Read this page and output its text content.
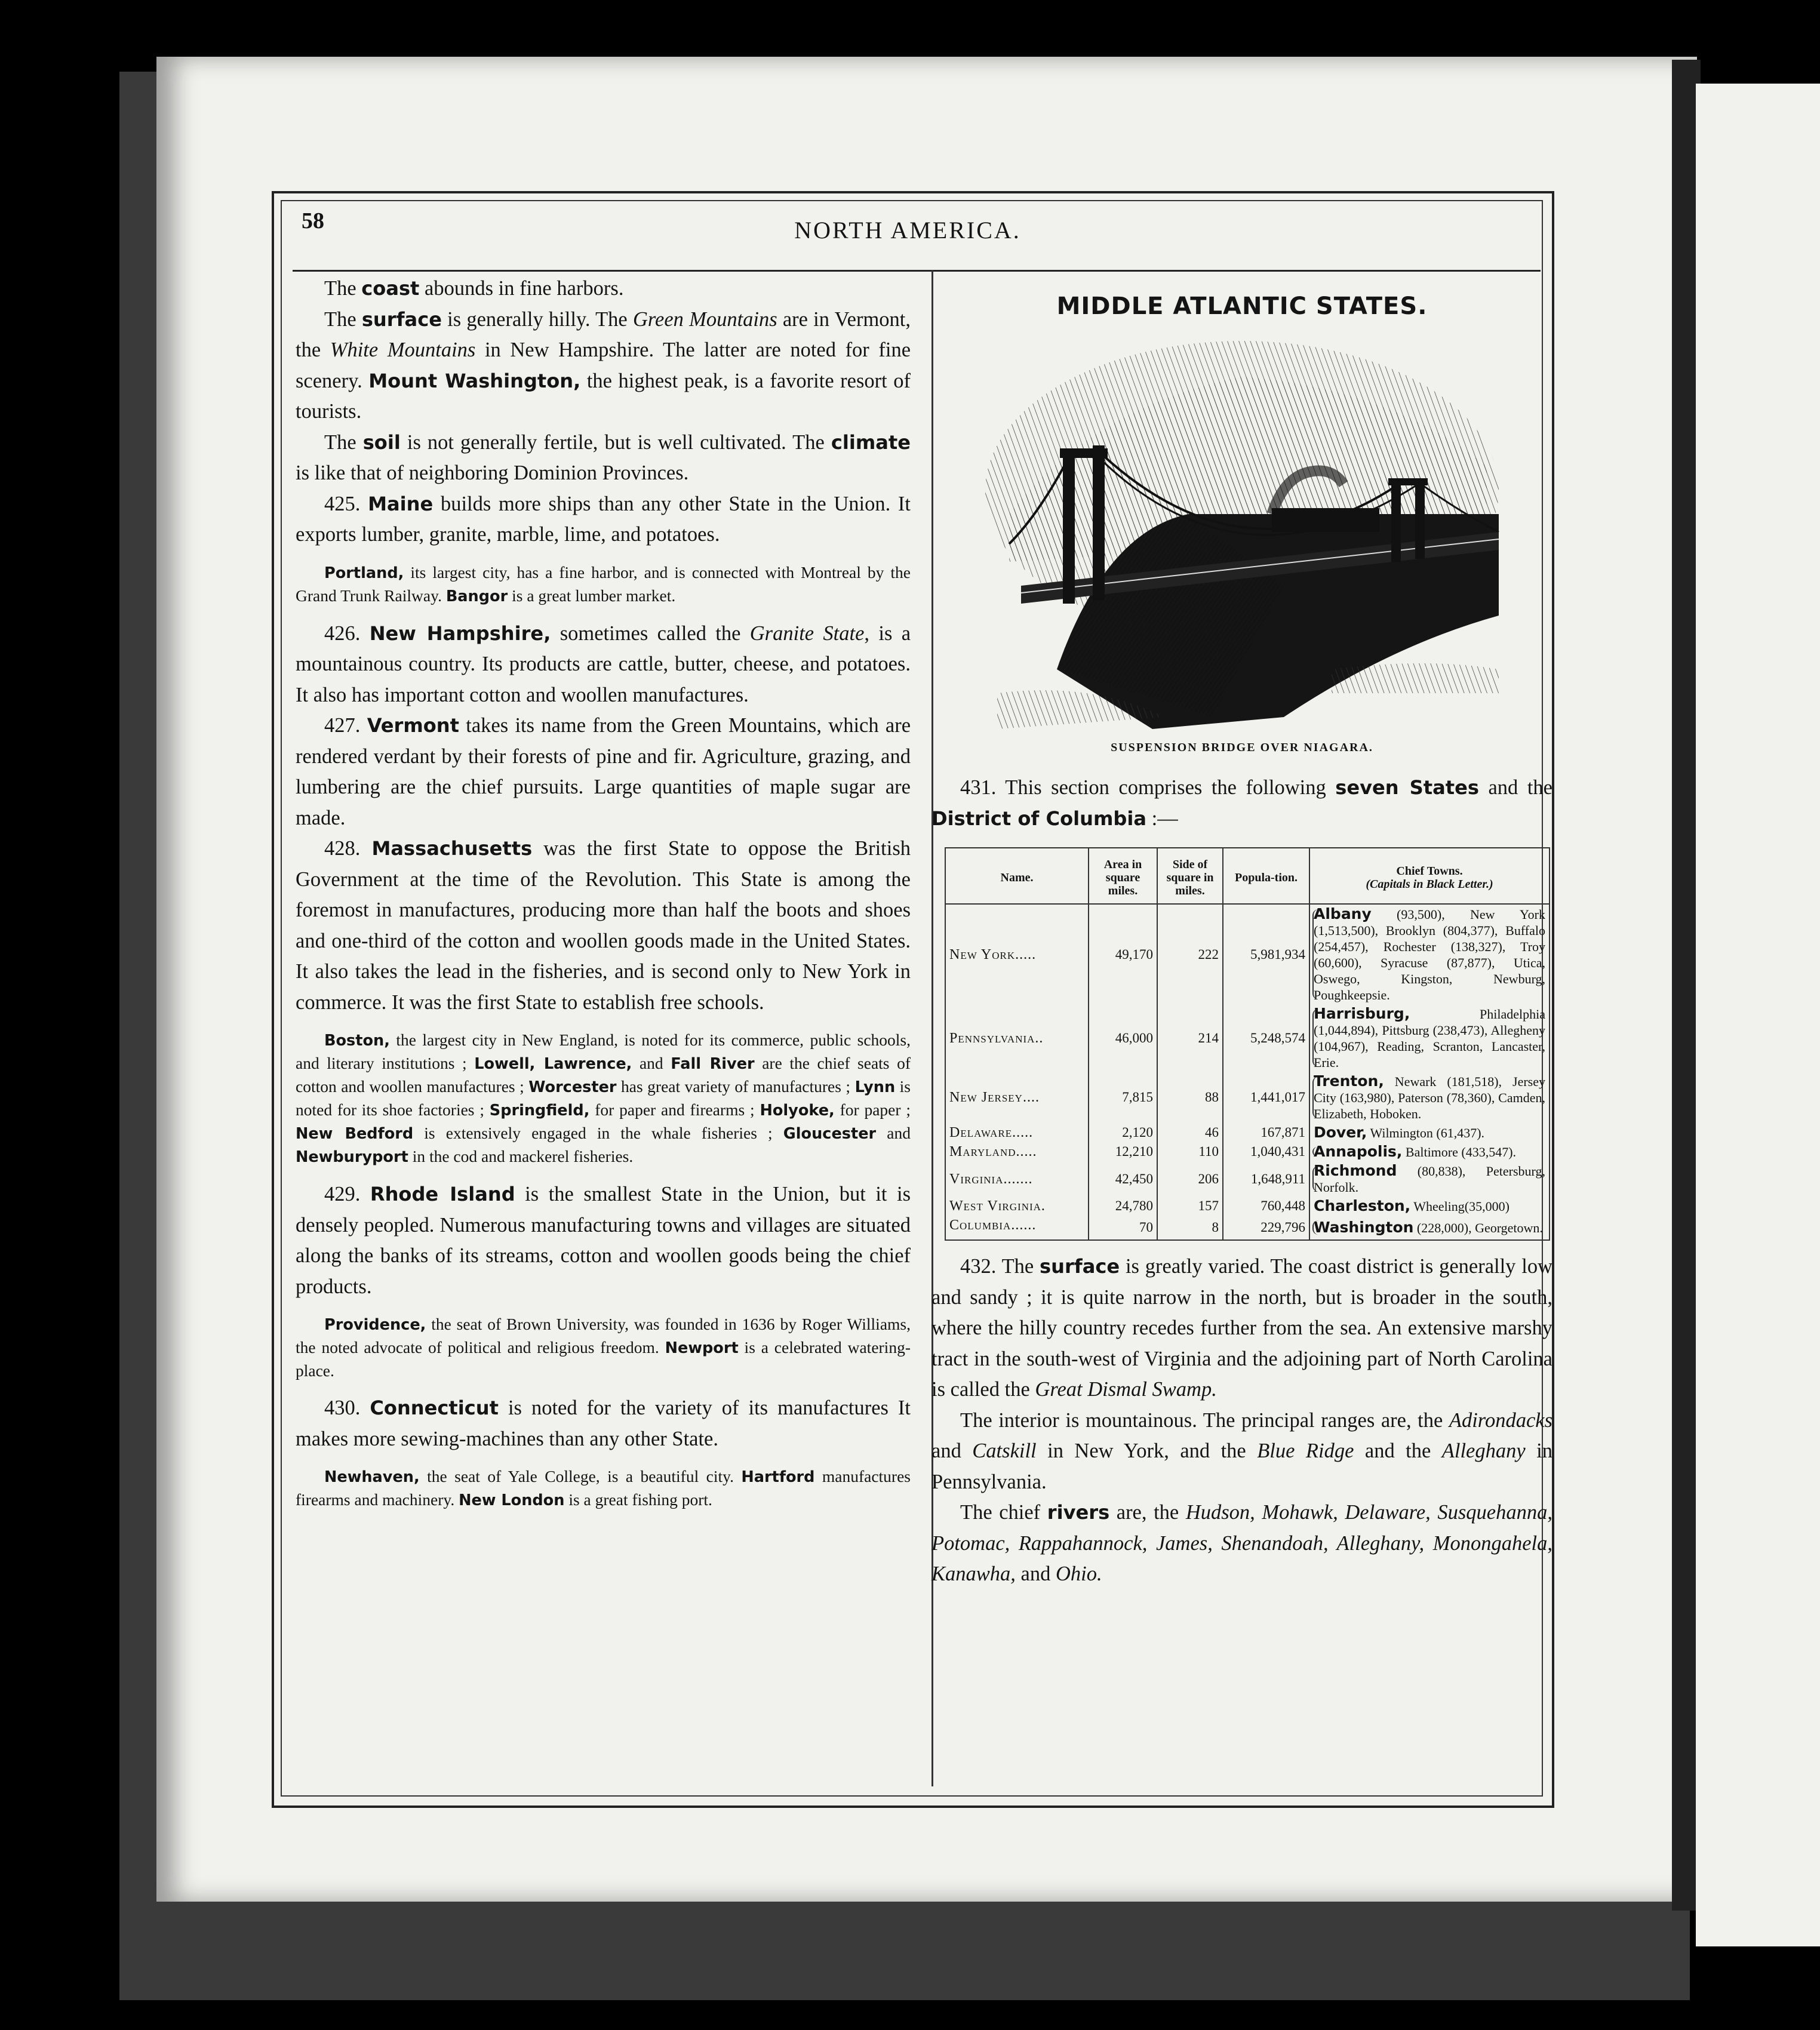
58	NORTH AMERICA.

The coast abounds in fine harbors.

The surface is generally hilly. The Green Mountains are in Vermont, the White Mountains in New Hampshire. The latter are noted for fine scenery. Mount Washington, the highest peak, is a favorite resort of tourists.

The soil is not generally fertile, but is well cultivated. The climate is like that of neighboring Dominion Provinces.

425. Maine builds more ships than any other State in the Union. It exports lumber, granite, marble, lime, and potatoes.

Portland, its largest city, has a fine harbor, and is connected with Montreal by the Grand Trunk Railway. Bangor is a great lumber market.

426. New Hampshire, sometimes called the Granite State, is a mountainous country. Its products are cattle, butter, cheese, and potatoes. It also has important cotton and woollen manufactures.

427. Vermont takes its name from the Green Mountains, which are rendered verdant by their forests of pine and fir. Agriculture, grazing, and lumbering are the chief pursuits. Large quantities of maple sugar are made.

428. Massachusetts was the first State to oppose the British Government at the time of the Revolution. This State is among the foremost in manufactures, producing more than half the boots and shoes and one-third of the cotton and woollen goods made in the United States. It also takes the lead in the fisheries, and is second only to New York in commerce. It was the first State to establish free schools.

Boston, the largest city in New England, is noted for its commerce, public schools, and literary institutions ; Lowell, Lawrence, and Fall River are the chief seats of cotton and woollen manufactures ; Worcester has great variety of manufactures ; Lynn is noted for its shoe factories ; Springfield, for paper and firearms ; Holyoke, for paper ; New Bedford is extensively engaged in the whale fisheries ; Gloucester and Newburyport in the cod and mackerel fisheries.

429. Rhode Island is the smallest State in the Union, but it is densely peopled. Numerous manufacturing towns and villages are situated along the banks of its streams, cotton and woollen goods being the chief products.

Providence, the seat of Brown University, was founded in 1636 by Roger Williams, the noted advocate of political and religious freedom. Newport is a celebrated watering-place.

430. Connecticut is noted for the variety of its manufactures It makes more sewing-machines than any other State.

Newhaven, the seat of Yale College, is a beautiful city. Hartford manufactures firearms and machinery. New London is a great fishing port.

MIDDLE ATLANTIC STATES.
SUSPENSION BRIDGE OVER NIAGARA.

431. This section comprises the following seven States and the District of Columbia :—

Name.	Area in square miles.	Side of square in miles.	Popula-tion.	Chief Towns.
(Capitals in Black Letter.)
New York.....	49,170	222	5,981,934	Albany (93,500), New York (1,513,500), Brooklyn (804,377), Buffalo (254,457), Rochester (138,327), Troy (60,600), Syracuse (87,877), Utica, Oswego, Kingston, Newburg, Poughkeepsie.
Pennsylvania..	46,000	214	5,248,574	Harrisburg, Philadelphia (1,044,894), Pittsburg (238,473), Allegheny (104,967), Reading, Scranton, Lancaster, Erie.
New Jersey....	7,815	88	1,441,017	Trenton, Newark (181,518), Jersey City (163,980), Paterson (78,360), Camden, Elizabeth, Hoboken.
Delaware.....	2,120	46	167,871	Dover, Wilmington (61,437).
Maryland.....	12,210	110	1,040,431	Annapolis, Baltimore (433,547).
Virginia.......	42,450	206	1,648,911	Richmond (80,838), Petersburg, Norfolk.
West Virginia.	24,780	157	760,448	Charleston, Wheeling(35,000)
Columbia......	70	8	229,796	Washington (228,000), Georgetown.

432. The surface is greatly varied. The coast district is generally low and sandy ; it is quite narrow in the north, but is broader in the south, where the hilly country recedes further from the sea. An extensive marshy tract in the south-west of Virginia and the adjoining part of North Carolina is called the Great Dismal Swamp.

The interior is mountainous. The principal ranges are, the Adirondacks and Catskill in New York, and the Blue Ridge and the Alleghany in Pennsylvania.

The chief rivers are, the Hudson, Mohawk, Delaware, Susquehanna, Potomac, Rappahannock, James, Shenandoah, Alleghany, Monongahela, Kanawha, and Ohio.
